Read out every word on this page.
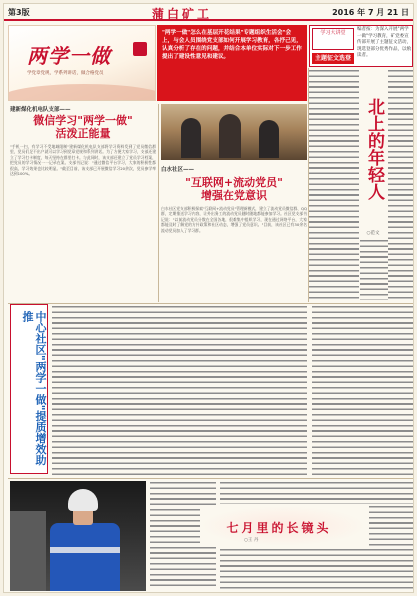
第3版	蒲白矿工	2016 年 7 月 21 日
两学一做
学党章党规，学系列讲话，做合格党员

"两学一做"怎么在基层开花结果"专题组织生活会"会上，与会人员围绕党支部如何开展学习教育，各抒己见，认真分析了存在的问题，并结合本单位实际对下一步工作提出了建设性意见和建议。

学习大讲堂
主题征文选登
编者按：为深入开展"两学一做"学习教育，矿党委宣传部开展了主题征文活动，现选登部分优秀作品，以飨读者。
北上的年轻人
○范文
建新煤化机电队支部——
微信学习"两学一做"
活泼正能量
"手机一扫，有学习不受地域限制"建新煤化机电队支部将学习资料发到了党员微信群里，党员们足不出户就可以学习到党章党规和系列讲话。为了方便大家学习，支部还建立了学习打卡制度，每天坚持在群里打卡。与此同时，该支部还建立了党员学习档案，把党员的学习情况一一记录在案。支部书记说："通过微信平台学习，大家的积极性都很高，学习效果也比较明显。"截至目前，该支部已开展微信学习20余次，党员参学率达到100%。
白水社区——
"互联网+流动党员"
增强在党意识
白水社区党支部积极探索"互联网+流动党员"管理新模式，建立了流动党员微信群、QQ群，定期推送学习内容，让外出务工的流动党员随时随地都能参加学习。社区党支部书记说："以前流动党员分散在全国各地，很难集中组织学习，现在通过网络平台，大家都能及时了解党的方针政策和社区动态，增强了党员意识。"目前，该社区已有30余名流动党员加入了学习群。
中心社区"两学一做"提质增效助推
七月里的长镜头
○王 丹
